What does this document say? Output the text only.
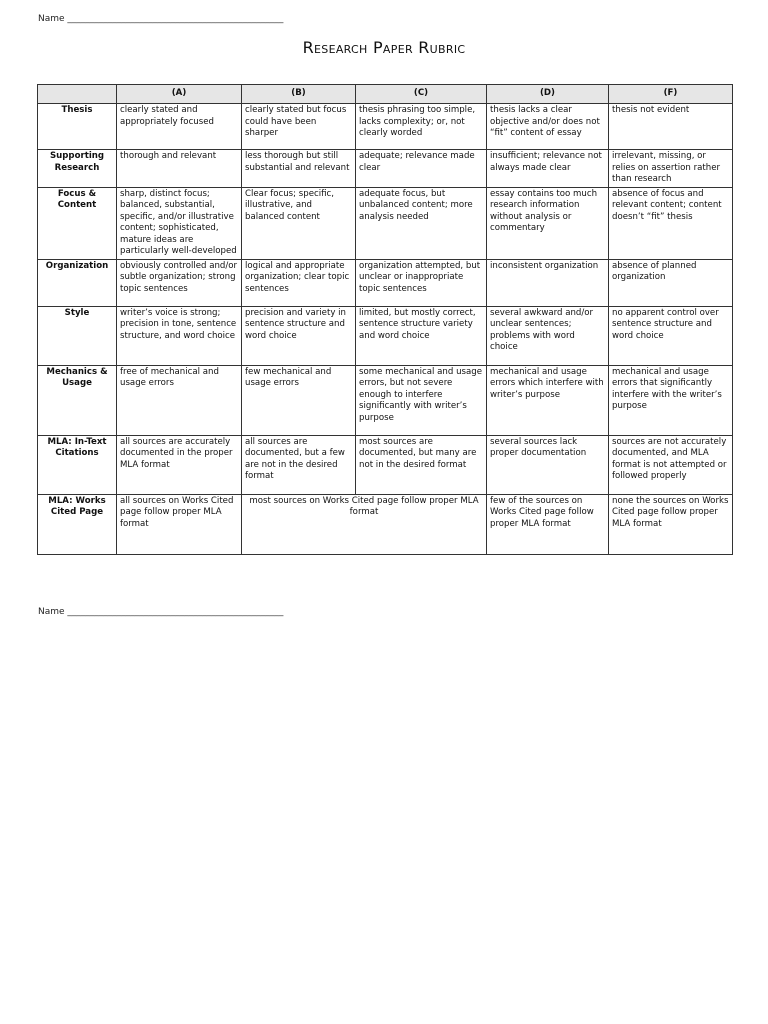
Name ________________________________________________
Research Paper Rubric
	(A)	(B)	(C)	(D)	(F)
Thesis	clearly stated and appropriately focused	clearly stated but focus could have been sharper	thesis phrasing too simple, lacks complexity; or, not clearly worded	thesis lacks a clear objective and/or does not “fit” content of essay	thesis not evident
Supporting Research	thorough and relevant	less thorough but still substantial and relevant	adequate; relevance made clear	insufficient; relevance not always made clear	irrelevant, missing, or relies on assertion rather than research
Focus & Content	sharp, distinct focus; balanced, substantial, specific, and/or illustrative content; sophisticated, mature ideas are particularly well-developed	Clear focus; specific, illustrative, and balanced content	adequate focus, but unbalanced content; more analysis needed	essay contains too much research information without analysis or commentary	absence of focus and relevant content; content doesn’t “fit” thesis
Organization	obviously controlled and/or subtle organization; strong topic sentences	logical and appropriate organization; clear topic sentences	organization attempted, but unclear or inappropriate topic sentences	inconsistent organization	absence of planned organization
Style	writer’s voice is strong; precision in tone, sentence structure, and word choice	precision and variety in sentence structure and word choice	limited, but mostly correct, sentence structure variety and word choice	several awkward and/or unclear sentences; problems with word choice	no apparent control over sentence structure and word choice
Mechanics & Usage	free of mechanical and usage errors	few mechanical and usage errors	some mechanical and usage errors, but not severe enough to interfere significantly with writer’s purpose	mechanical and usage errors which interfere with writer’s purpose	mechanical and usage errors that significantly interfere with the writer’s purpose
MLA: In-Text Citations	all sources are accurately documented in the proper MLA format	all sources are documented, but a few are not in the desired format	most sources are documented, but many are not in the desired format	several sources lack proper documentation	sources are not accurately documented, and MLA format is not attempted or followed properly
MLA: Works Cited Page	all sources on Works Cited page follow proper MLA format	most sources on Works Cited page follow proper MLA format		few of the sources on Works Cited page follow proper MLA format	none the sources on Works Cited page follow proper MLA format
Name ________________________________________________
